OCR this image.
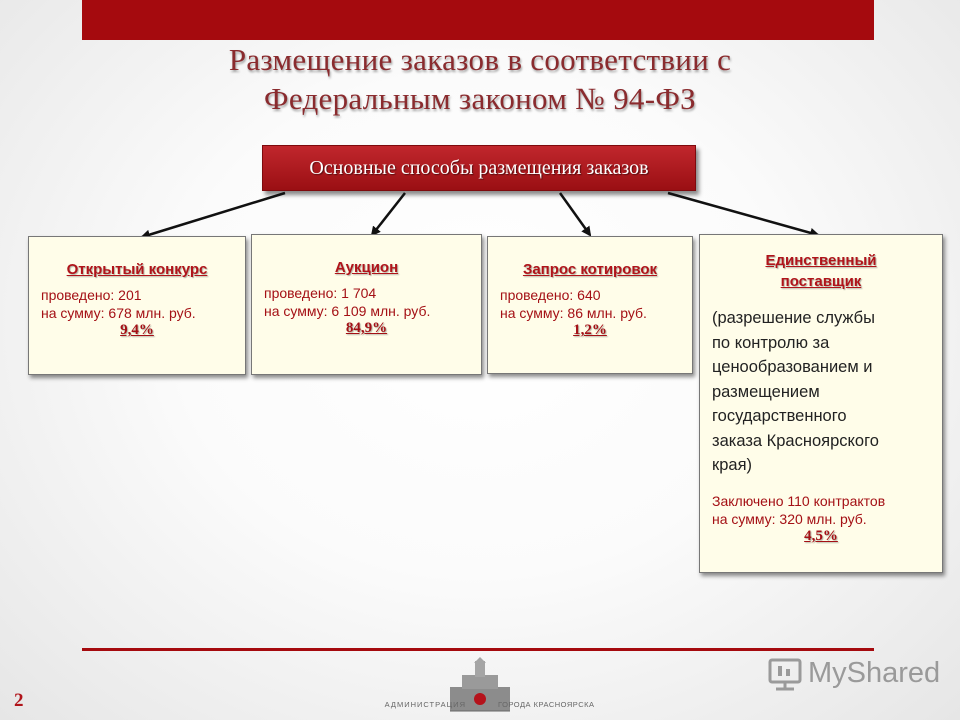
Размещение заказов в соответствии с
Федеральным законом № 94-ФЗ
Основные способы размещения заказов
Открытый конкурс
проведено: 201
на сумму: 678 млн. руб.
9,4%
Аукцион
проведено: 1 704
на сумму: 6 109 млн. руб.
84,9%
Запрос котировок
проведено: 640
на сумму: 86 млн. руб.
1,2%
Единственный
поставщик
(разрешение службы
по контролю за
ценообразованием и
размещением
государственного
заказа Красноярского
края)
Заключено 110 контрактов
на сумму: 320 млн. руб.
4,5%
2	АДМИНИСТРАЦИЯ	ГОРОДА КРАСНОЯРСКА
MyShared
